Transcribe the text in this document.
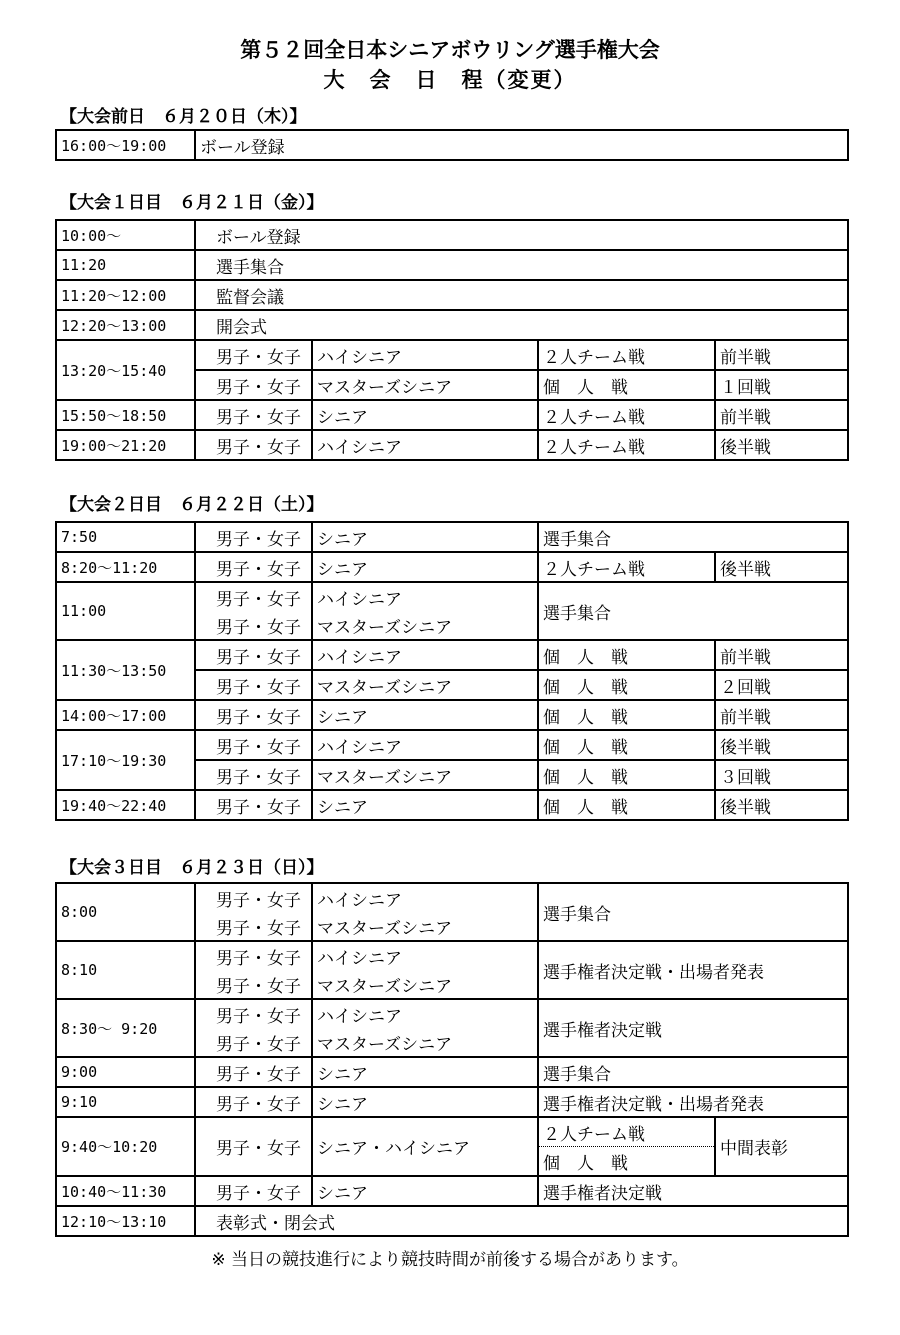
第５２回全日本シニアボウリング選手権大会
大　会　日　程（変更）
【大会前日　６月２０日（木）】
16:00～19:00	ボール登録
【大会１日目　６月２１日（金）】
10:00～	ボール登録			
11:20	選手集合			
11:20～12:00	監督会議			
12:20～13:00	開会式			
13:20～15:40	男子・女子	ハイシニア	２人チーム戦	前半戦
	男子・女子	マスターズシニア	個　人　戦	１回戦
15:50～18:50	男子・女子	シニア	２人チーム戦	前半戦
19:00～21:20	男子・女子	ハイシニア	２人チーム戦	後半戦
【大会２日目　６月２２日（土）】
7:50	男子・女子	シニア	選手集合	
8:20～11:20	男子・女子	シニア	２人チーム戦	後半戦
11:00	男子・女子	ハイシニア	選手集合	
	男子・女子	マスターズシニア		
11:30～13:50	男子・女子	ハイシニア	個　人　戦	前半戦
	男子・女子	マスターズシニア	個　人　戦	２回戦
14:00～17:00	男子・女子	シニア	個　人　戦	前半戦
17:10～19:30	男子・女子	ハイシニア	個　人　戦	後半戦
	男子・女子	マスターズシニア	個　人　戦	３回戦
19:40～22:40	男子・女子	シニア	個　人　戦	後半戦
【大会３日目　６月２３日（日）】
8:00	男子・女子	ハイシニア	選手集合	
	男子・女子	マスターズシニア		
8:10	男子・女子	ハイシニア	選手権者決定戦・出場者発表	
	男子・女子	マスターズシニア		
8:30～ 9:20	男子・女子	ハイシニア	選手権者決定戦	
	男子・女子	マスターズシニア		
9:00	男子・女子	シニア	選手集合	
9:10	男子・女子	シニア	選手権者決定戦・出場者発表	
9:40～10:20	男子・女子	シニア・ハイシニア	２人チーム戦	中間表彰
			個　人　戦	
10:40～11:30	男子・女子	シニア	選手権者決定戦	
12:10～13:10	表彰式・閉会式			
※ 当日の競技進行により競技時間が前後する場合があります。
